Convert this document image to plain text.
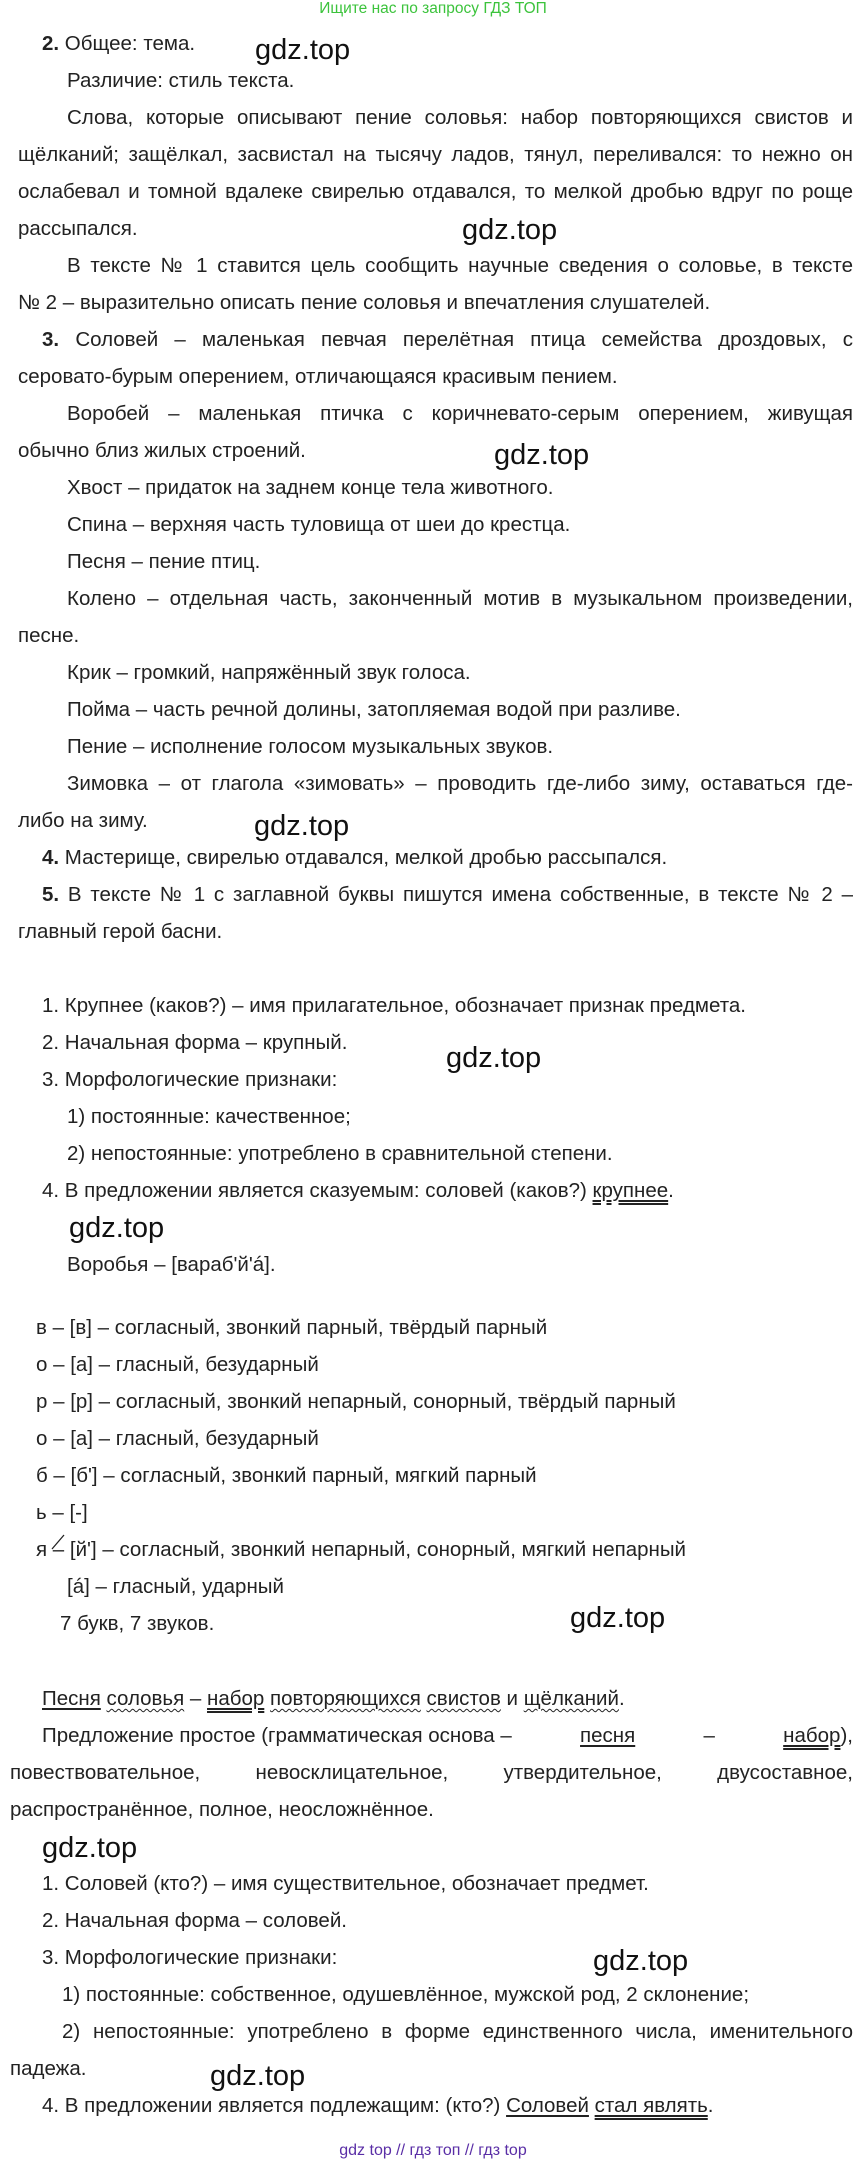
Ищите нас по запросу ГДЗ ТОП
2. Общее: тема.
Различие: стиль текста.
Слова, которые описывают пение соловья: набор повторяющихся свистов и
щёлканий; защёлкал, засвистал на тысячу ладов, тянул, переливался: то нежно он
ослабевал и томной вдалеке свирелью отдавался, то мелкой дробью вдруг по роще
рассыпался.
В тексте № 1 ставится цель сообщить научные сведения о соловье, в тексте
№ 2 – выразительно описать пение соловья и впечатления слушателей.
3. Соловей – маленькая певчая перелётная птица семейства дроздовых, с
серовато-бурым оперением, отличающаяся красивым пением.
Воробей – маленькая птичка с коричневато-серым оперением, живущая
обычно близ жилых строений.
Хвост – придаток на заднем конце тела животного.
Спина – верхняя часть туловища от шеи до крестца.
Песня – пение птиц.
Колено – отдельная часть, законченный мотив в музыкальном произведении,
песне.
Крик – громкий, напряжённый звук голоса.
Пойма – часть речной долины, затопляемая водой при разливе.
Пение – исполнение голосом музыкальных звуков.
Зимовка – от глагола «зимовать» – проводить где-либо зиму, оставаться где-
либо на зиму.
4. Мастерище, свирелью отдавался, мелкой дробью рассыпался.
5. В тексте № 1 с заглавной буквы пишутся имена собственные, в тексте № 2 –
главный герой басни.
1. Крупнее (каков?) – имя прилагательное, обозначает признак предмета.
2. Начальная форма – крупный.
3. Морфологические признаки:
1) постоянные: качественное;
2) непостоянные: употреблено в сравнительной степени.
4. В предложении является сказуемым: соловей (каков?) крупнее.
Воробья – [вараб'й'á].
в – [в] – согласный, звонкий парный, твёрдый парный
о – [а] – гласный, безударный
р – [р] – согласный, звонкий непарный, сонорный, твёрдый парный
о – [а] – гласный, безударный
б – [б'] – согласный, звонкий парный, мягкий парный
ь – [-]
я – [й'] – согласный, звонкий непарный, сонорный, мягкий непарный
[á] – гласный, ударный
7 букв, 7 звуков.
Песня соловья – набор повторяющихся свистов и щёлканий.
Предложение простое (грамматическая основа –	песня	–	набор),
повествовательное, невосклицательное, утвердительное, двусоставное,
распространённое, полное, неосложнённое.
1. Соловей (кто?) – имя существительное, обозначает предмет.
2. Начальная форма – соловей.
3. Морфологические признаки:
1) постоянные: собственное, одушевлённое, мужской род, 2 склонение;
2) непостоянные: употреблено в форме единственного числа, именительного
падежа.
4. В предложении является подлежащим: (кто?) Соловей стал являть.
gdz.top
gdz.top
gdz.top
gdz.top
gdz.top
gdz.top
gdz.top
gdz.top
gdz.top
gdz.top
gdz top // гдз топ // гдз top
